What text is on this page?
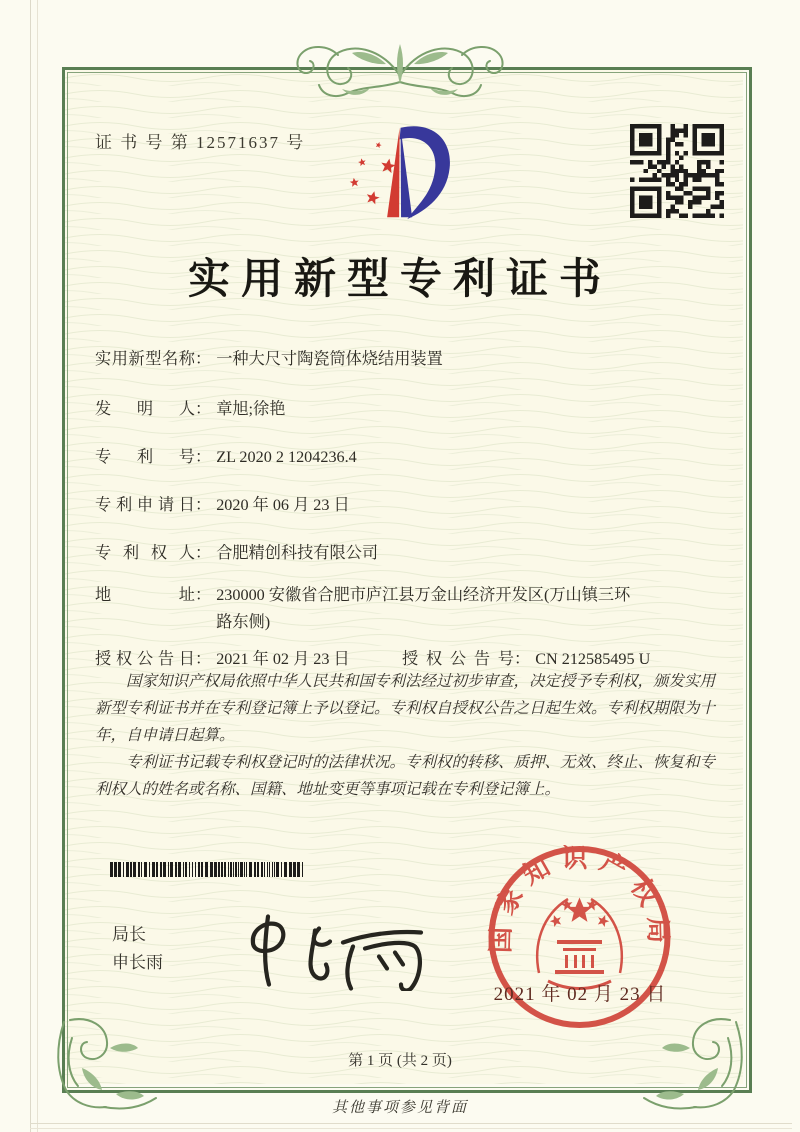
证 书 号 第 12571637 号
实用新型专利证书
实用新型名称： 一种大尺寸陶瓷筒体烧结用装置
发明人： 章旭;徐艳
专利号： ZL 2020 2 1204236.4
专利申请日： 2020 年 06 月 23 日
专利权人： 合肥精创科技有限公司
地址： 230000 安徽省合肥市庐江县万金山经济开发区(万山镇三环路东侧)
授权公告日： 2021 年 02 月 23 日	授权公告号： CN 212585495 U

国家知识产权局依照中华人民共和国专利法经过初步审查，决定授予专利权，颁发实用新型专利证书并在专利登记簿上予以登记。专利权自授权公告之日起生效。专利权期限为十年，自申请日起算。

专利证书记载专利权登记时的法律状况。专利权的转移、质押、无效、终止、恢复和专利权人的姓名或名称、国籍、地址变更等事项记载在专利登记簿上。

局长
申长雨
国家知识产权局
2021 年 02 月 23 日
第 1 页 (共 2 页)
其他事项参见背面
